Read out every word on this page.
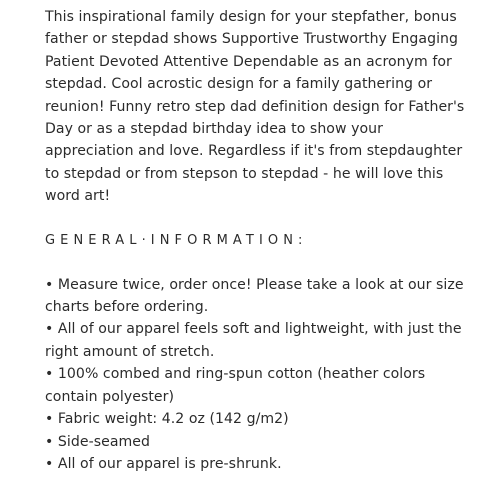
This inspirational family design for your stepfather, bonus father or stepdad shows Supportive Trustworthy Engaging Patient Devoted Attentive Dependable as an acronym for stepdad. Cool acrostic design for a family gathering or reunion! Funny retro step dad definition design for Father's Day or as a stepdad birthday idea to show your appreciation and love. Regardless if it's from stepdaughter to stepdad or from stepson to stepdad - he will love this word art!

GENERAL·INFORMATION:
• Measure twice, order once! Please take a look at our size charts before ordering.
• All of our apparel feels soft and lightweight, with just the right amount of stretch.
• 100% combed and ring-spun cotton (heather colors contain polyester)
• Fabric weight: 4.2 oz (142 g/m2)
• Side-seamed
• All of our apparel is pre-shrunk.
